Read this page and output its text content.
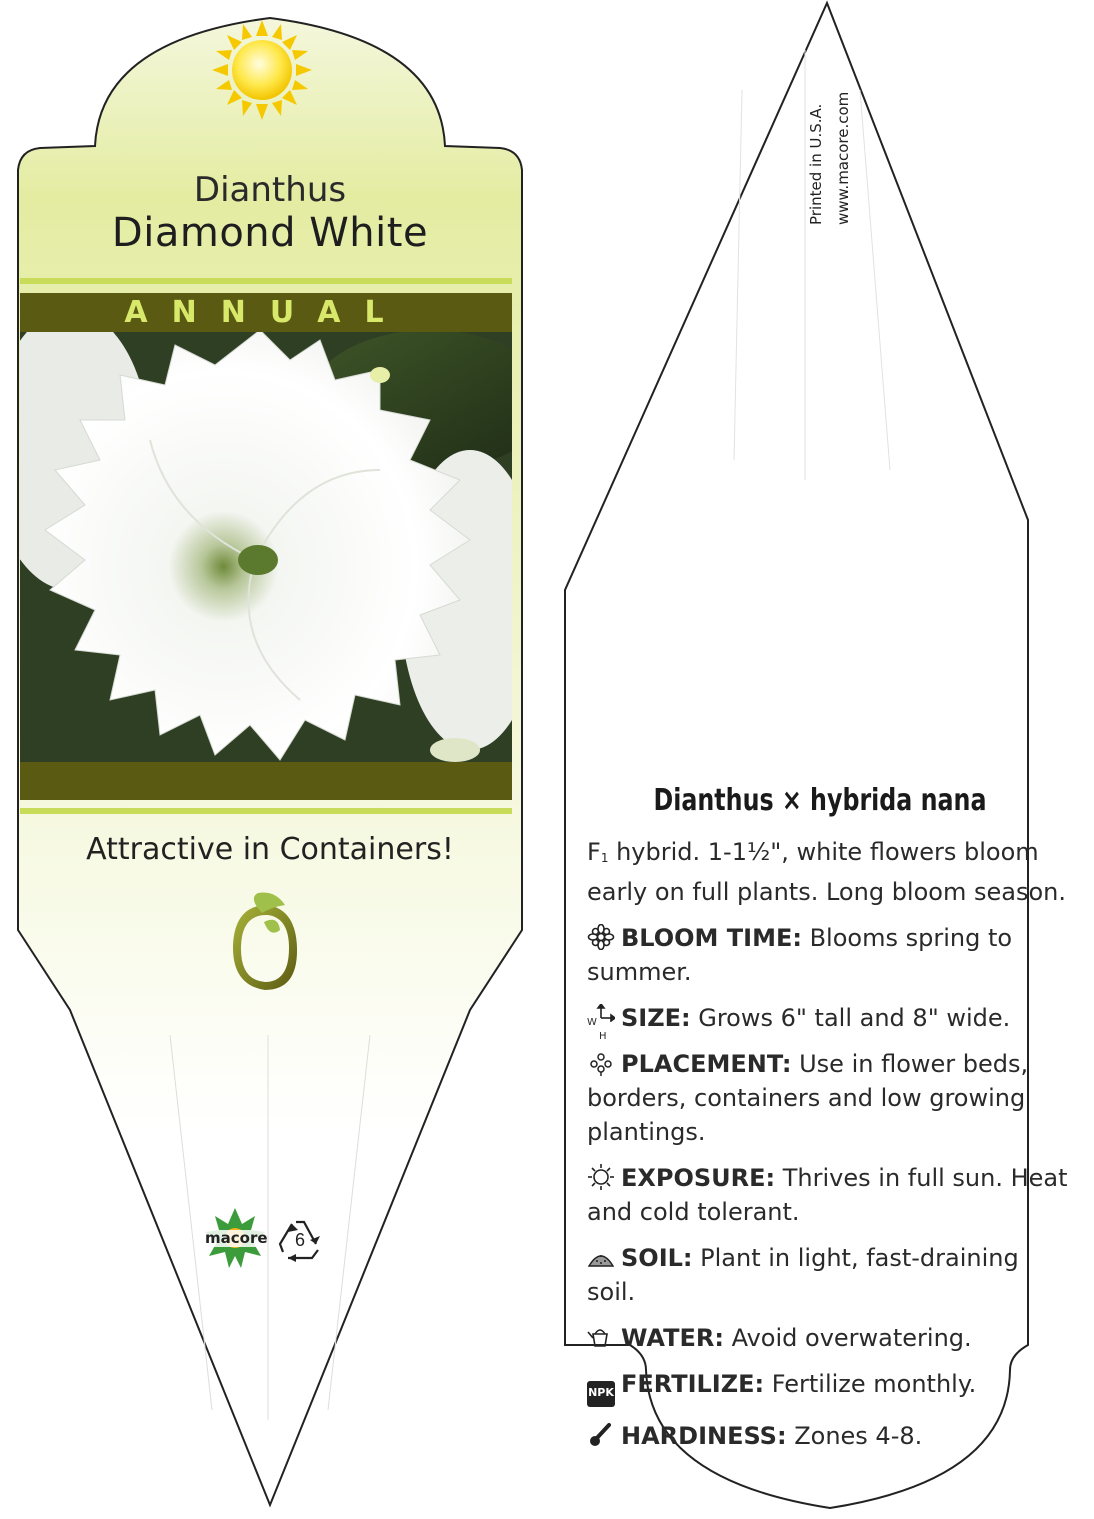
Dianthus
Diamond White
ANNUAL
Attractive in Containers!
macore	6
Printed in U.S.A. www.macore.com
Dianthus × hybrida nana

F1 hybrid. 1-1½", white flowers bloom early on full plants. Long bloom season.

BLOOM TIME: Blooms spring to summer.

W
H
SIZE: Grows 6" tall and 8" wide.

PLACEMENT: Use in flower beds, borders, containers and low growing plantings.

EXPOSURE: Thrives in full sun. Heat and cold tolerant.

SOIL: Plant in light, fast-draining soil.

WATER: Avoid overwatering.

NPK FERTILIZE: Fertilize monthly.

HARDINESS: Zones 4-8.
